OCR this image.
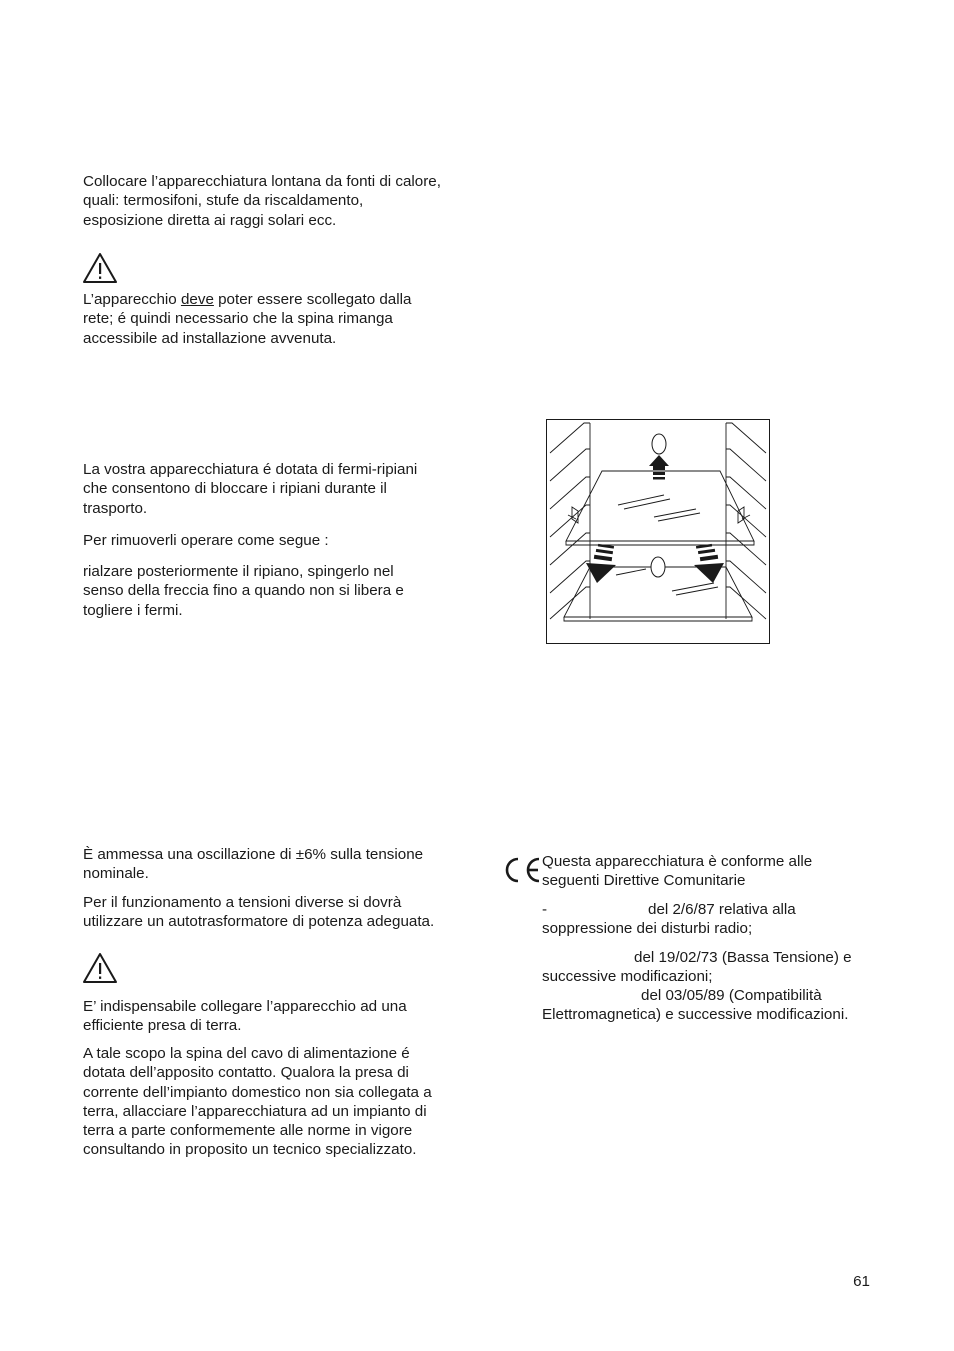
Collocare l’apparecchiatura lontana da fonti di calore, quali: termosifoni, stufe da riscaldamento, esposizione diretta ai raggi solari ecc.

L’apparecchio deve poter essere scollegato dalla rete; é quindi necessario che la spina rimanga accessibile ad installazione avvenuta.

La vostra apparecchiatura é dotata di fermi-ripiani che consentono di bloccare i ripiani durante il trasporto.

Per rimuoverli operare come segue :

rialzare posteriormente il ripiano, spingerlo nel senso della freccia fino a quando non si libera e togliere i fermi.

È ammessa una oscillazione di ±6% sulla tensione nominale.

Per il funzionamento a tensioni diverse si dovrà utilizzare un autotrasformatore di potenza adeguata.

E’ indispensabile collegare l’apparecchio ad una efficiente presa di terra.

A tale scopo la spina del cavo di alimentazione é dotata dell’apposito contatto. Qualora la presa di corrente dell’impianto domestico non sia collegata a terra, allacciare l’apparecchiatura ad un impianto di terra a parte conformemente alle norme in vigore consultando in proposito un tecnico specializzato.

Questa apparecchiatura è conforme alle seguenti Direttive Comunitarie

-	del 2/6/87 relativa alla soppressione dei disturbi radio;

del 19/02/73 (Bassa Tensione) e

successive modificazioni;

del 03/05/89 (Compatibilità

Elettromagnetica) e successive modificazioni.

61
